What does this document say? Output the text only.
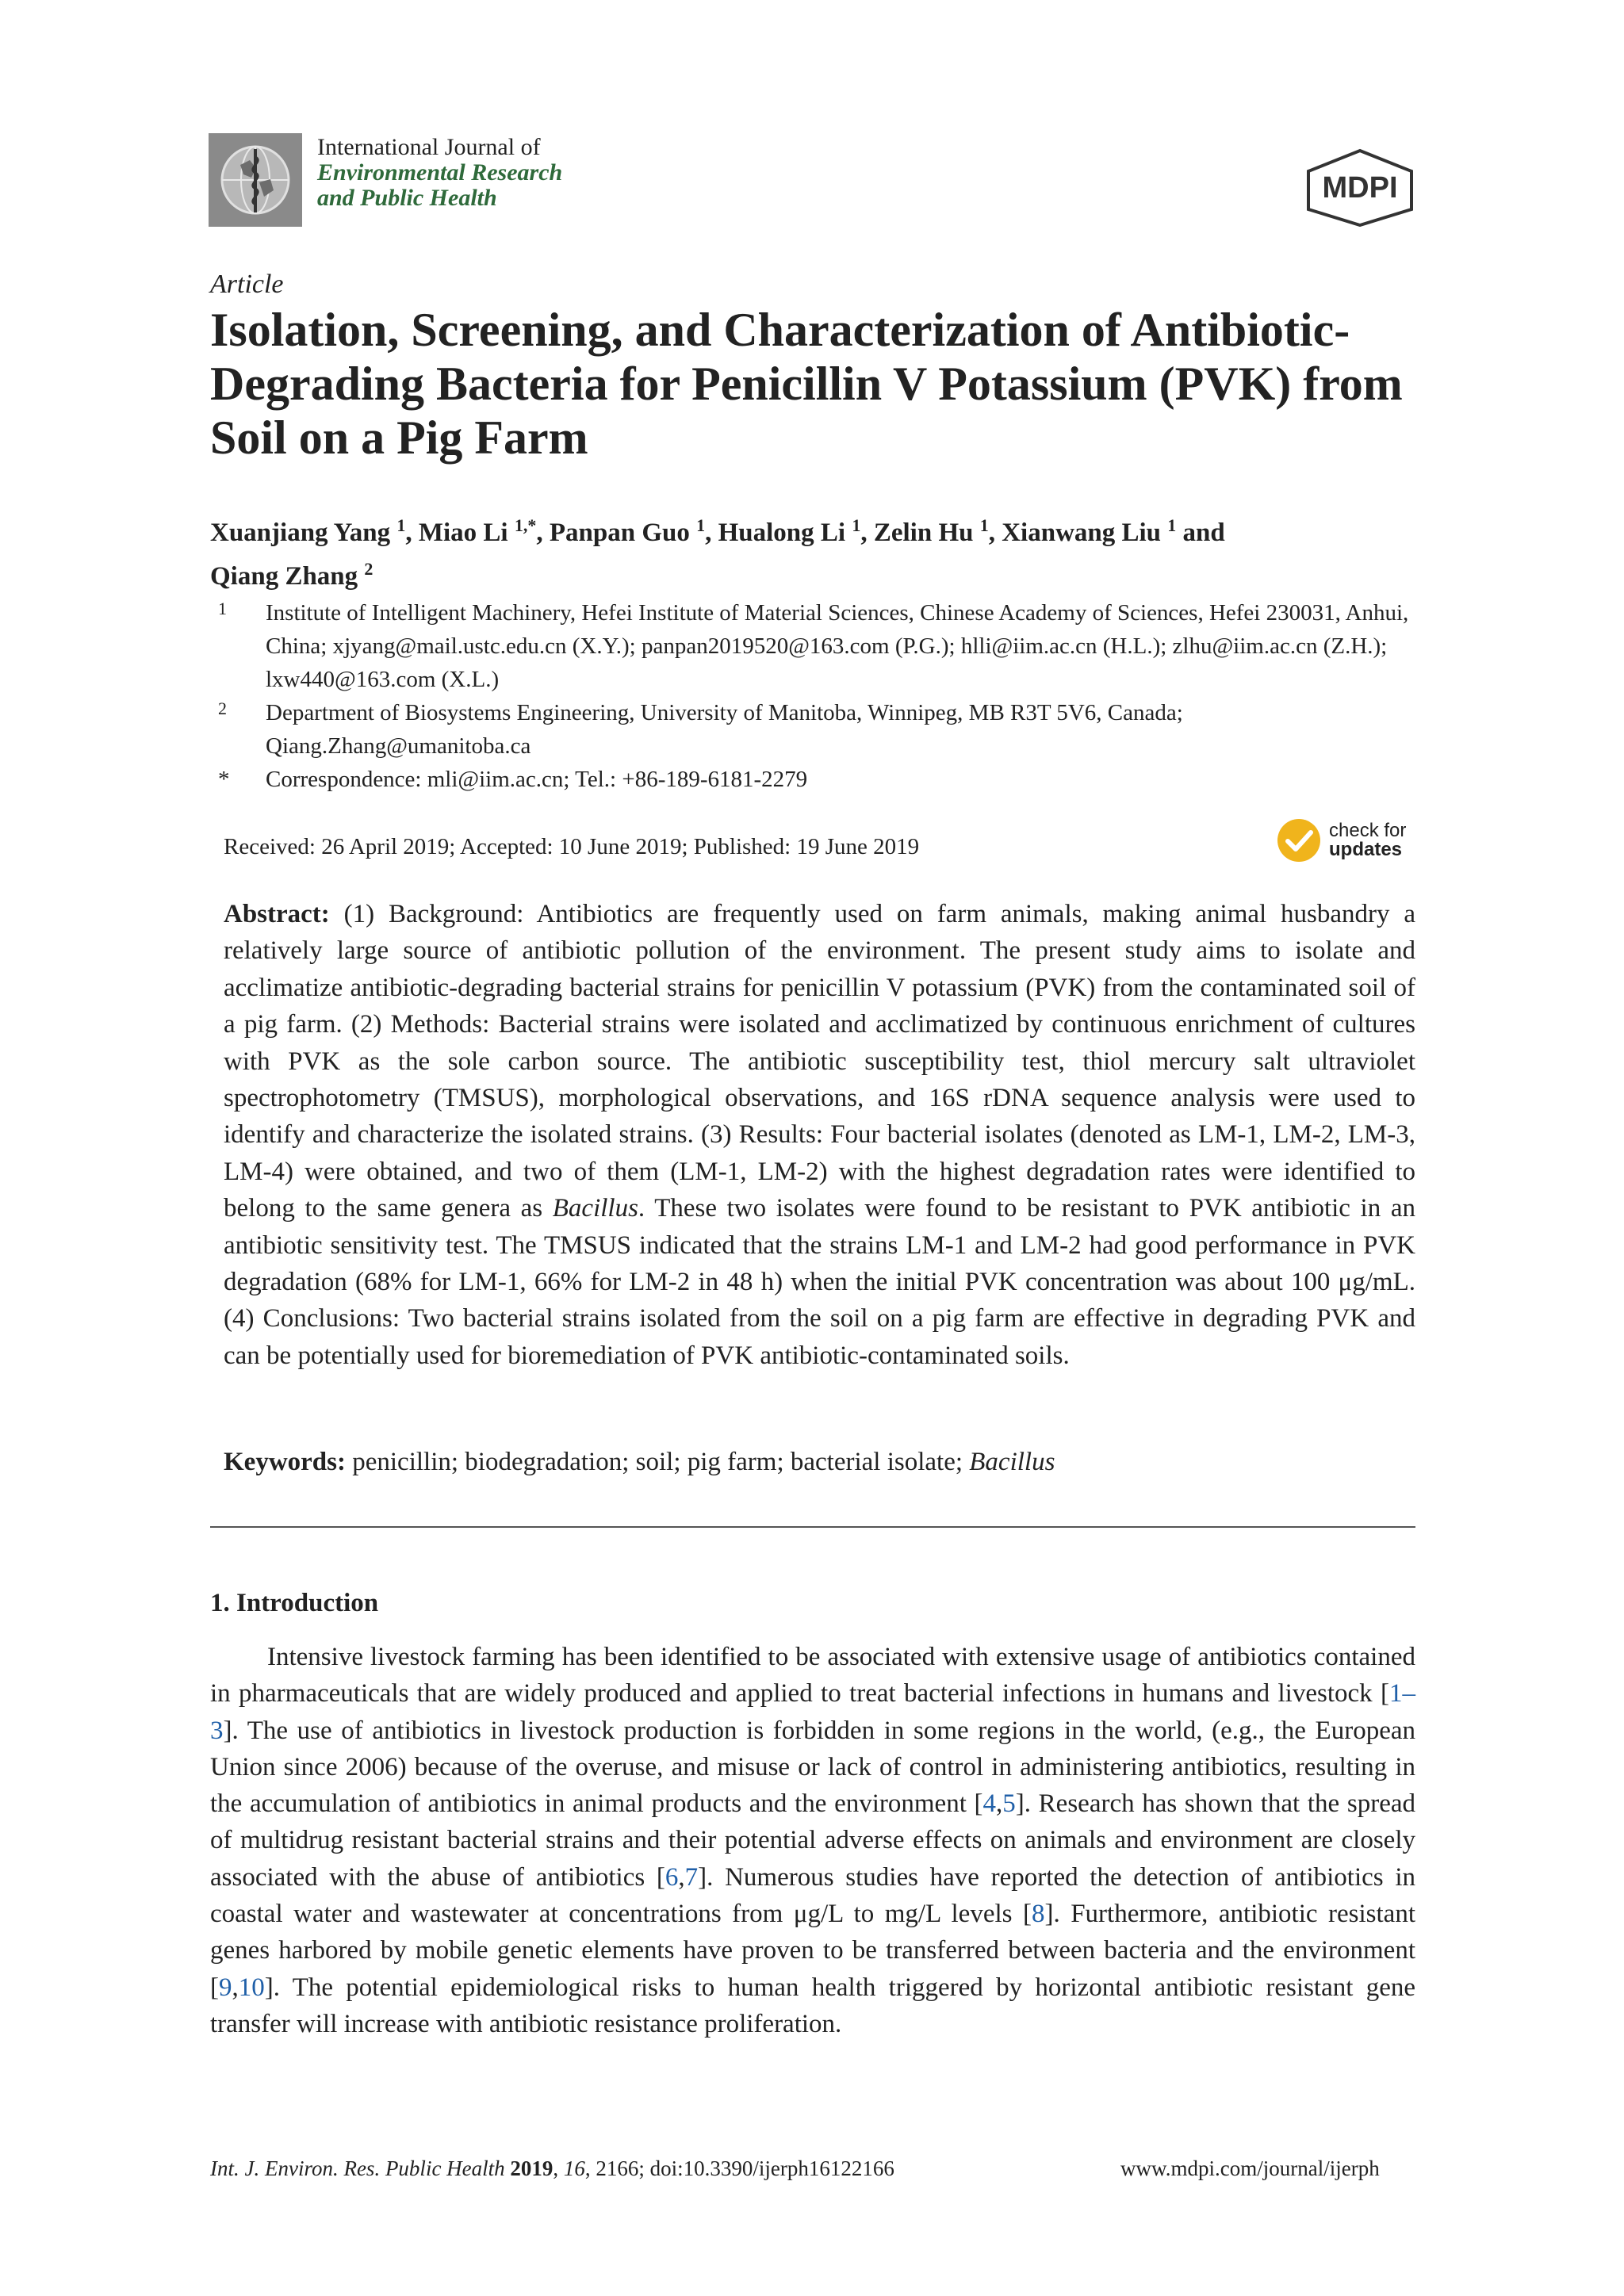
International Journal of
Environmental Research
and Public Health	MDPI
Article
Isolation, Screening, and Characterization of Antibiotic-Degrading Bacteria for Penicillin V Potassium (PVK) from Soil on a Pig Farm
Xuanjiang Yang $^1$, Miao Li $^{1,*}$, Panpan Guo $^1$, Hualong Li $^1$, Zelin Hu $^1$, Xianwang Liu $^1$ and
Qiang Zhang $^2$
1	Institute of Intelligent Machinery, Hefei Institute of Material Sciences, Chinese Academy of Sciences, Hefei 230031, Anhui, China; xjyang@mail.ustc.edu.cn (X.Y.); panpan2019520@163.com (P.G.); hlli@iim.ac.cn (H.L.); zlhu@iim.ac.cn (Z.H.); lxw440@163.com (X.L.)
2	Department of Biosystems Engineering, University of Manitoba, Winnipeg, MB R3T 5V6, Canada; Qiang.Zhang@umanitoba.ca
*	Correspondence: mli@iim.ac.cn; Tel.: +86-189-6181-2279
Received: 26 April 2019; Accepted: 10 June 2019; Published: 19 June 2019
check for
updates
Abstract: (1) Background: Antibiotics are frequently used on farm animals, making animal husbandry a relatively large source of antibiotic pollution of the environment. The present study aims to isolate and acclimatize antibiotic-degrading bacterial strains for penicillin V potassium (PVK) from the contaminated soil of a pig farm. (2) Methods: Bacterial strains were isolated and acclimatized by continuous enrichment of cultures with PVK as the sole carbon source. The antibiotic susceptibility test, thiol mercury salt ultraviolet spectrophotometry (TMSUS), morphological observations, and 16S rDNA sequence analysis were used to identify and characterize the isolated strains. (3) Results: Four bacterial isolates (denoted as LM-1, LM-2, LM-3, LM-4) were obtained, and two of them (LM-1, LM-2) with the highest degradation rates were identified to belong to the same genera as Bacillus. These two isolates were found to be resistant to PVK antibiotic in an antibiotic sensitivity test. The TMSUS indicated that the strains LM-1 and LM-2 had good performance in PVK degradation (68% for LM-1, 66% for LM-2 in 48 h) when the initial PVK concentration was about 100 μg/mL. (4) Conclusions: Two bacterial strains isolated from the soil on a pig farm are effective in degrading PVK and can be potentially used for bioremediation of PVK antibiotic-contaminated soils.
Keywords: penicillin; biodegradation; soil; pig farm; bacterial isolate; Bacillus
1. Introduction
Intensive livestock farming has been identified to be associated with extensive usage of antibiotics contained in pharmaceuticals that are widely produced and applied to treat bacterial infections in humans and livestock [1–3]. The use of antibiotics in livestock production is forbidden in some regions in the world, (e.g., the European Union since 2006) because of the overuse, and misuse or lack of control in administering antibiotics, resulting in the accumulation of antibiotics in animal products and the environment [4,5]. Research has shown that the spread of multidrug resistant bacterial strains and their potential adverse effects on animals and environment are closely associated with the abuse of antibiotics [6,7]. Numerous studies have reported the detection of antibiotics in coastal water and wastewater at concentrations from μg/L to mg/L levels [8]. Furthermore, antibiotic resistant genes harbored by mobile genetic elements have proven to be transferred between bacteria and the environment [9,10]. The potential epidemiological risks to human health triggered by horizontal antibiotic resistant gene transfer will increase with antibiotic resistance proliferation.
Int. J. Environ. Res. Public Health 2019, 16, 2166; doi:10.3390/ijerph16122166	www.mdpi.com/journal/ijerph
